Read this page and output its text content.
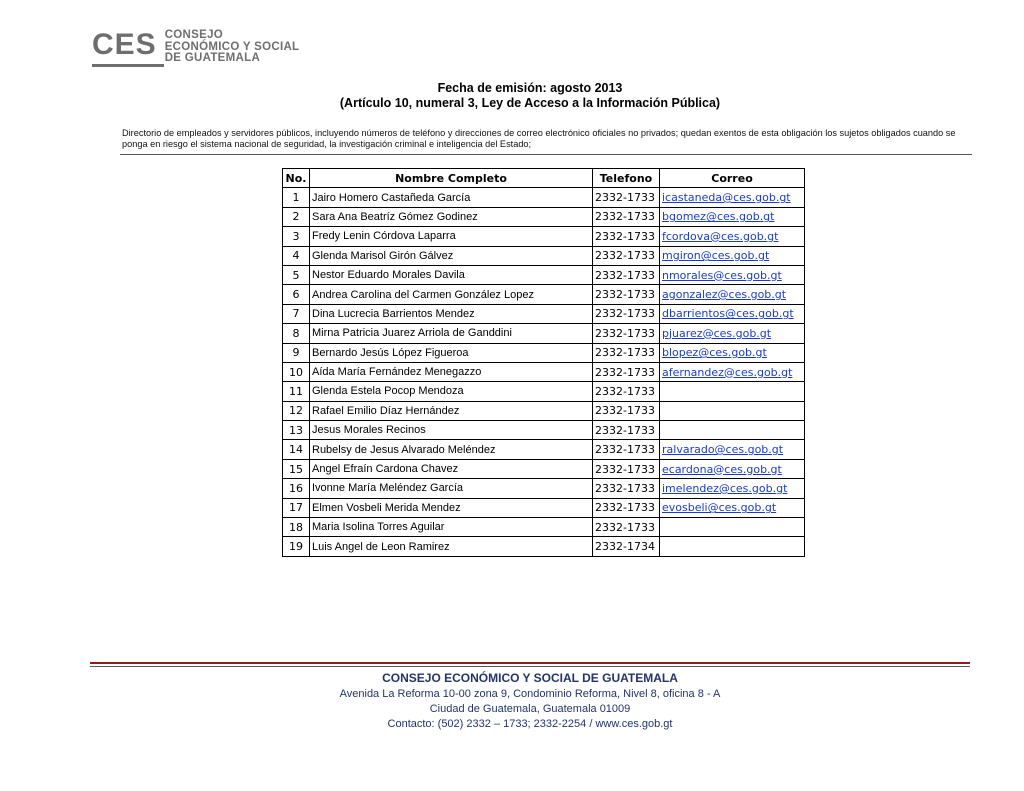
CES CONSEJO
ECONÓMICO Y SOCIAL
DE GUATEMALA
Fecha de emisión: agosto 2013
(Artículo 10, numeral 3, Ley de Acceso a la Información Pública)
Directorio de empleados y servidores públicos, incluyendo números de teléfono y direcciones de correo electrónico oficiales no privados; quedan exentos de esta obligación los sujetos obligados cuando se ponga en riesgo el sistema nacional de seguridad, la investigación criminal e inteligencia del Estado;
No.	Nombre Completo	Telefono	Correo
1	Jairo Homero Castañeda García	2332-1733	icastaneda@ces.gob.gt
2	Sara Ana Beatríz Gómez Godinez	2332-1733	bgomez@ces.gob.gt
3	Fredy Lenin Córdova Laparra	2332-1733	fcordova@ces.gob.gt
4	Glenda Marisol Girón Gálvez	2332-1733	mgiron@ces.gob.gt
5	Nestor Eduardo Morales Davila	2332-1733	nmorales@ces.gob.gt
6	Andrea Carolina del Carmen González Lopez	2332-1733	agonzalez@ces.gob.gt
7	Dina Lucrecia Barrientos Mendez	2332-1733	dbarrientos@ces.gob.gt
8	Mirna Patricia Juarez Arriola de Ganddini	2332-1733	pjuarez@ces.gob.gt
9	Bernardo Jesús López Figueroa	2332-1733	blopez@ces.gob.gt
10	Aída María Fernández Menegazzo	2332-1733	afernandez@ces.gob.gt
11	Glenda Estela Pocop Mendoza	2332-1733	
12	Rafael Emilio Díaz Hernández	2332-1733	
13	Jesus Morales Recinos	2332-1733	
14	Rubelsy de Jesus Alvarado Meléndez	2332-1733	ralvarado@ces.gob.gt
15	Angel Efraín Cardona Chavez	2332-1733	ecardona@ces.gob.gt
16	Ivonne María Meléndez García	2332-1733	imelendez@ces.gob.gt
17	Elmen Vosbeli Merida Mendez	2332-1733	evosbeli@ces.gob.gt
18	Maria Isolina Torres Aguilar	2332-1733	
19	Luis Angel de Leon Ramirez	2332-1734	
CONSEJO ECONÓMICO Y SOCIAL DE GUATEMALA
Avenida La Reforma 10-00 zona 9, Condominio Reforma, Nivel 8, oficina 8 - A
Ciudad de Guatemala, Guatemala 01009
Contacto: (502) 2332 – 1733; 2332-2254 / www.ces.gob.gt
